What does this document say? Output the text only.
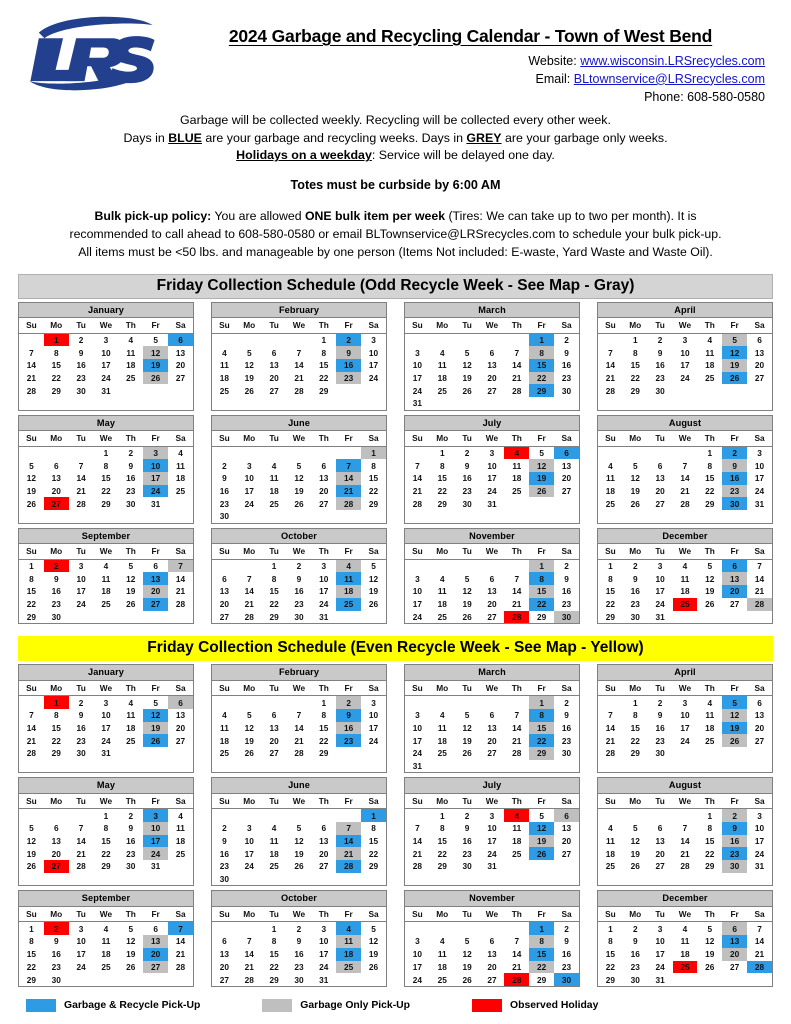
2024 Garbage and Recycling Calendar - Town of West Bend
Website: www.wisconsin.LRSrecycles.com
Email: BLtownservice@LRSrecycles.com
Phone: 608-580-0580
Garbage will be collected weekly. Recycling will be collected every other week.
Days in BLUE are your garbage and recycling weeks. Days in GREY are your garbage only weeks.
Holidays on a weekday: Service will be delayed one day.
Totes must be curbside by 6:00 AM
Bulk pick-up policy: You are allowed ONE bulk item per week (Tires: We can take up to two per month). It is
recommended to call ahead to 608-580-0580 or email BLTownservice@LRSrecycles.com to schedule your bulk pick-up.
All items must be <50 lbs. and manageable by one person (Items Not included: E-waste, Yard Waste and Waste Oil).
Friday Collection Schedule (Odd Recycle Week - See Map - Gray)
January
Su	Mo	Tu	We	Th	Fr	Sa
	1	2	3	4	5	6
7	8	9	10	11	12	13
14	15	16	17	18	19	20
21	22	23	24	25	26	27
28	29	30	31			
February
Su	Mo	Tu	We	Th	Fr	Sa
				1	2	3
4	5	6	7	8	9	10
11	12	13	14	15	16	17
18	19	20	21	22	23	24
25	26	27	28	29		
March
Su	Mo	Tu	We	Th	Fr	Sa
					1	2
3	4	5	6	7	8	9
10	11	12	13	14	15	16
17	18	19	20	21	22	23
24	25	26	27	28	29	30
31						
April
Su	Mo	Tu	We	Th	Fr	Sa
	1	2	3	4	5	6
7	8	9	10	11	12	13
14	15	16	17	18	19	20
21	22	23	24	25	26	27
28	29	30				
May
Su	Mo	Tu	We	Th	Fr	Sa
			1	2	3	4
5	6	7	8	9	10	11
12	13	14	15	16	17	18
19	20	21	22	23	24	25
26	27	28	29	30	31	
June
Su	Mo	Tu	We	Th	Fr	Sa
						1
2	3	4	5	6	7	8
9	10	11	12	13	14	15
16	17	18	19	20	21	22
23	24	25	26	27	28	29
30						
July
Su	Mo	Tu	We	Th	Fr	Sa
	1	2	3	4	5	6
7	8	9	10	11	12	13
14	15	16	17	18	19	20
21	22	23	24	25	26	27
28	29	30	31			
August
Su	Mo	Tu	We	Th	Fr	Sa
				1	2	3
4	5	6	7	8	9	10
11	12	13	14	15	16	17
18	19	20	21	22	23	24
25	26	27	28	29	30	31
September
Su	Mo	Tu	We	Th	Fr	Sa
1	2	3	4	5	6	7
8	9	10	11	12	13	14
15	16	17	18	19	20	21
22	23	24	25	26	27	28
29	30					
October
Su	Mo	Tu	We	Th	Fr	Sa
		1	2	3	4	5
6	7	8	9	10	11	12
13	14	15	16	17	18	19
20	21	22	23	24	25	26
27	28	29	30	31		
November
Su	Mo	Tu	We	Th	Fr	Sa
					1	2
3	4	5	6	7	8	9
10	11	12	13	14	15	16
17	18	19	20	21	22	23
24	25	26	27	28	29	30
December
Su	Mo	Tu	We	Th	Fr	Sa
1	2	3	4	5	6	7
8	9	10	11	12	13	14
15	16	17	18	19	20	21
22	23	24	25	26	27	28
29	30	31				
Friday Collection Schedule (Even Recycle Week - See Map - Yellow)
January
Su	Mo	Tu	We	Th	Fr	Sa
	1	2	3	4	5	6
7	8	9	10	11	12	13
14	15	16	17	18	19	20
21	22	23	24	25	26	27
28	29	30	31			
February
Su	Mo	Tu	We	Th	Fr	Sa
				1	2	3
4	5	6	7	8	9	10
11	12	13	14	15	16	17
18	19	20	21	22	23	24
25	26	27	28	29		
March
Su	Mo	Tu	We	Th	Fr	Sa
					1	2
3	4	5	6	7	8	9
10	11	12	13	14	15	16
17	18	19	20	21	22	23
24	25	26	27	28	29	30
31						
April
Su	Mo	Tu	We	Th	Fr	Sa
	1	2	3	4	5	6
7	8	9	10	11	12	13
14	15	16	17	18	19	20
21	22	23	24	25	26	27
28	29	30				
May
Su	Mo	Tu	We	Th	Fr	Sa
			1	2	3	4
5	6	7	8	9	10	11
12	13	14	15	16	17	18
19	20	21	22	23	24	25
26	27	28	29	30	31	
June
Su	Mo	Tu	We	Th	Fr	Sa
						1
2	3	4	5	6	7	8
9	10	11	12	13	14	15
16	17	18	19	20	21	22
23	24	25	26	27	28	29
30						
July
Su	Mo	Tu	We	Th	Fr	Sa
	1	2	3	4	5	6
7	8	9	10	11	12	13
14	15	16	17	18	19	20
21	22	23	24	25	26	27
28	29	30	31			
August
Su	Mo	Tu	We	Th	Fr	Sa
				1	2	3
4	5	6	7	8	9	10
11	12	13	14	15	16	17
18	19	20	21	22	23	24
25	26	27	28	29	30	31
September
Su	Mo	Tu	We	Th	Fr	Sa
1	2	3	4	5	6	7
8	9	10	11	12	13	14
15	16	17	18	19	20	21
22	23	24	25	26	27	28
29	30					
October
Su	Mo	Tu	We	Th	Fr	Sa
		1	2	3	4	5
6	7	8	9	10	11	12
13	14	15	16	17	18	19
20	21	22	23	24	25	26
27	28	29	30	31		
November
Su	Mo	Tu	We	Th	Fr	Sa
					1	2
3	4	5	6	7	8	9
10	11	12	13	14	15	16
17	18	19	20	21	22	23
24	25	26	27	28	29	30
December
Su	Mo	Tu	We	Th	Fr	Sa
1	2	3	4	5	6	7
8	9	10	11	12	13	14
15	16	17	18	19	20	21
22	23	24	25	26	27	28
29	30	31				
Garbage & Recycle Pick-Up	Garbage Only Pick-Up	Observed Holiday
